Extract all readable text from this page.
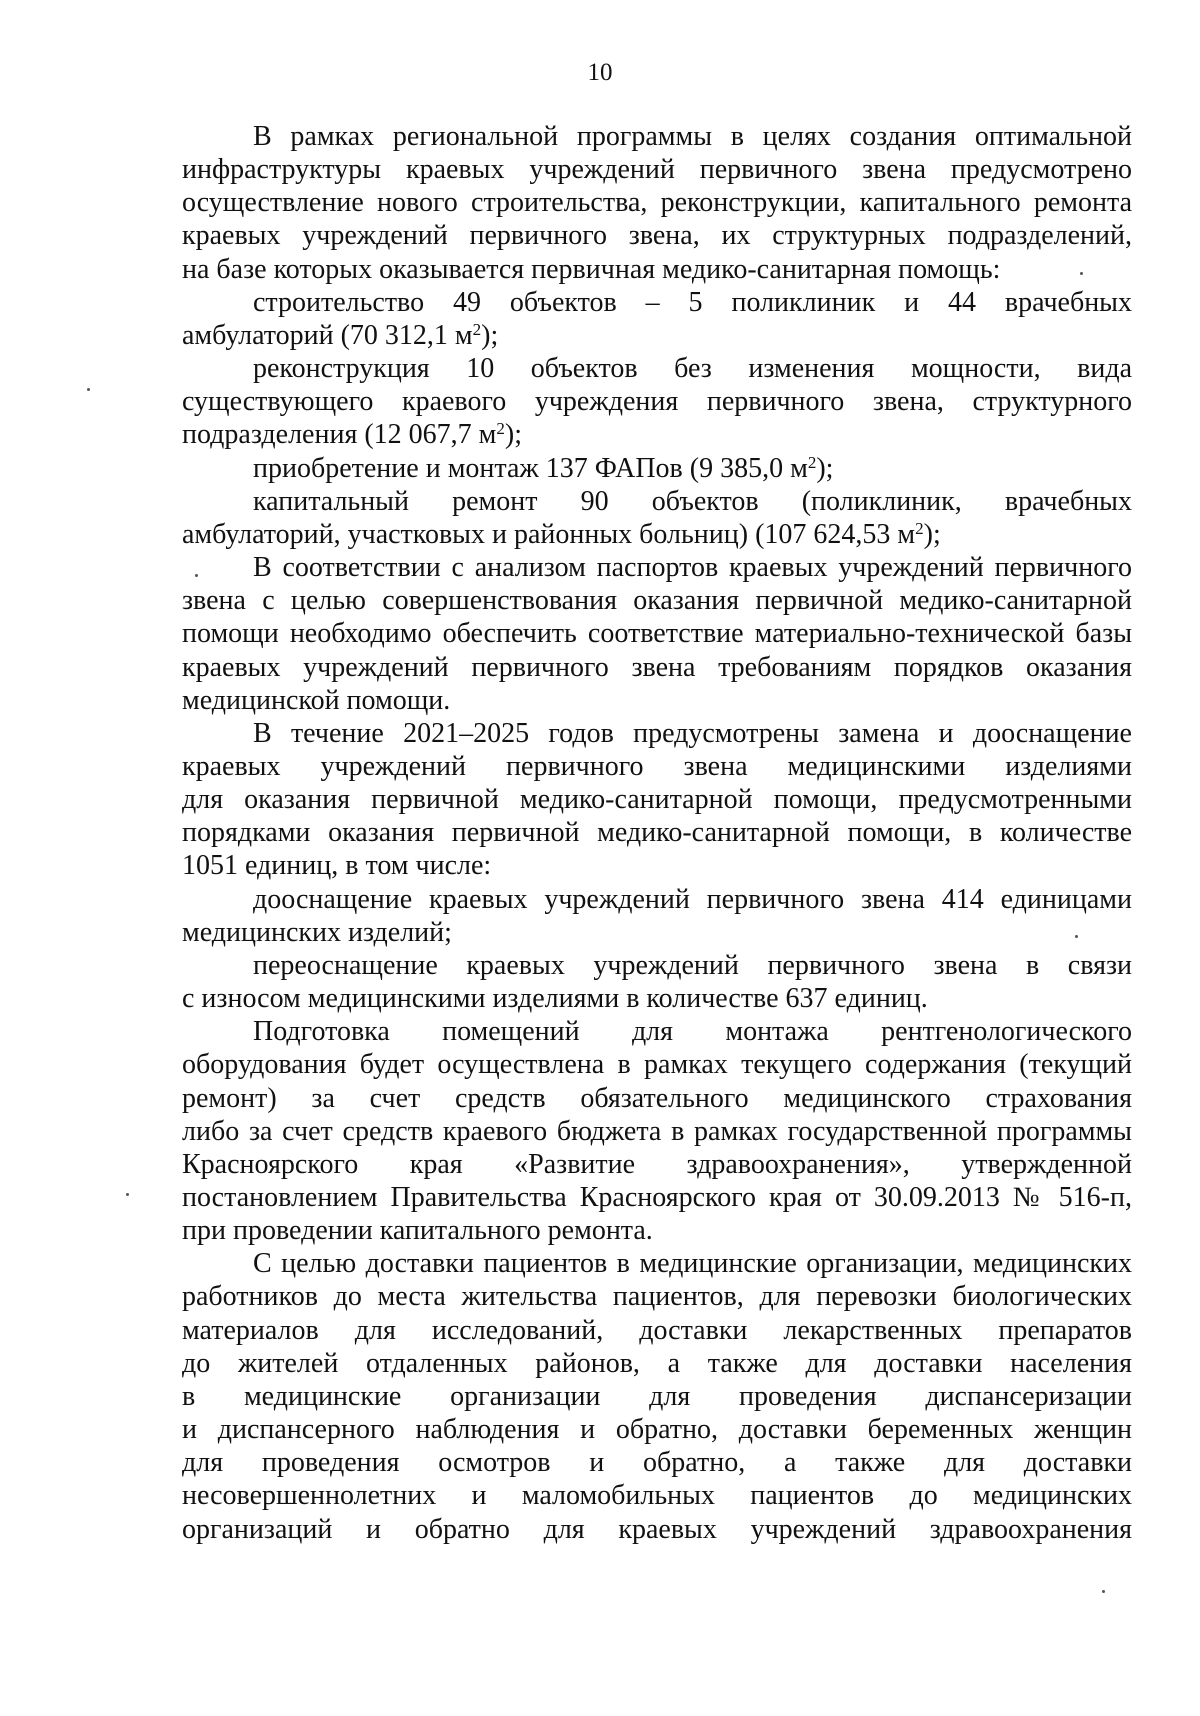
10
В рамках региональной программы в целях создания оптимальной
инфраструктуры краевых учреждений первичного звена предусмотрено
осуществление нового строительства, реконструкции, капитального ремонта
краевых учреждений первичного звена, их структурных подразделений,
на базе которых оказывается первичная медико-санитарная помощь:
строительство 49 объектов – 5 поликлиник и 44 врачебных
амбулаторий (70 312,1 $м^2$);
реконструкция 10 объектов без изменения мощности, вида
существующего краевого учреждения первичного звена, структурного
подразделения (12 067,7 $м^2$);
приобретение и монтаж 137 ФАПов (9 385,0 $м^2$);
капитальный ремонт 90 объектов (поликлиник, врачебных
амбулаторий, участковых и районных больниц) (107 624,53 $м^2$);
В соответствии с анализом паспортов краевых учреждений первичного
звена с целью совершенствования оказания первичной медико-санитарной
помощи необходимо обеспечить соответствие материально-технической базы
краевых учреждений первичного звена требованиям порядков оказания
медицинской помощи.
В течение 2021–2025 годов предусмотрены замена и дооснащение
краевых учреждений первичного звена медицинскими изделиями
для оказания первичной медико-санитарной помощи, предусмотренными
порядками оказания первичной медико-санитарной помощи, в количестве
1051 единиц, в том числе:
дооснащение краевых учреждений первичного звена 414 единицами
медицинских изделий;
переоснащение краевых учреждений первичного звена в связи
с износом медицинскими изделиями в количестве 637 единиц.
Подготовка помещений для монтажа рентгенологического
оборудования будет осуществлена в рамках текущего содержания (текущий
ремонт) за счет средств обязательного медицинского страхования
либо за счет средств краевого бюджета в рамках государственной программы
Красноярского края «Развитие здравоохранения», утвержденной
постановлением Правительства Красноярского края от 30.09.2013 № 516-п,
при проведении капитального ремонта.
С целью доставки пациентов в медицинские организации, медицинских
работников до места жительства пациентов, для перевозки биологических
материалов для исследований, доставки лекарственных препаратов
до жителей отдаленных районов, а также для доставки населения
в медицинские организации для проведения диспансеризации
и диспансерного наблюдения и обратно, доставки беременных женщин
для проведения осмотров и обратно, а также для доставки
несовершеннолетних и маломобильных пациентов до медицинских
организаций и обратно для краевых учреждений здравоохранения
